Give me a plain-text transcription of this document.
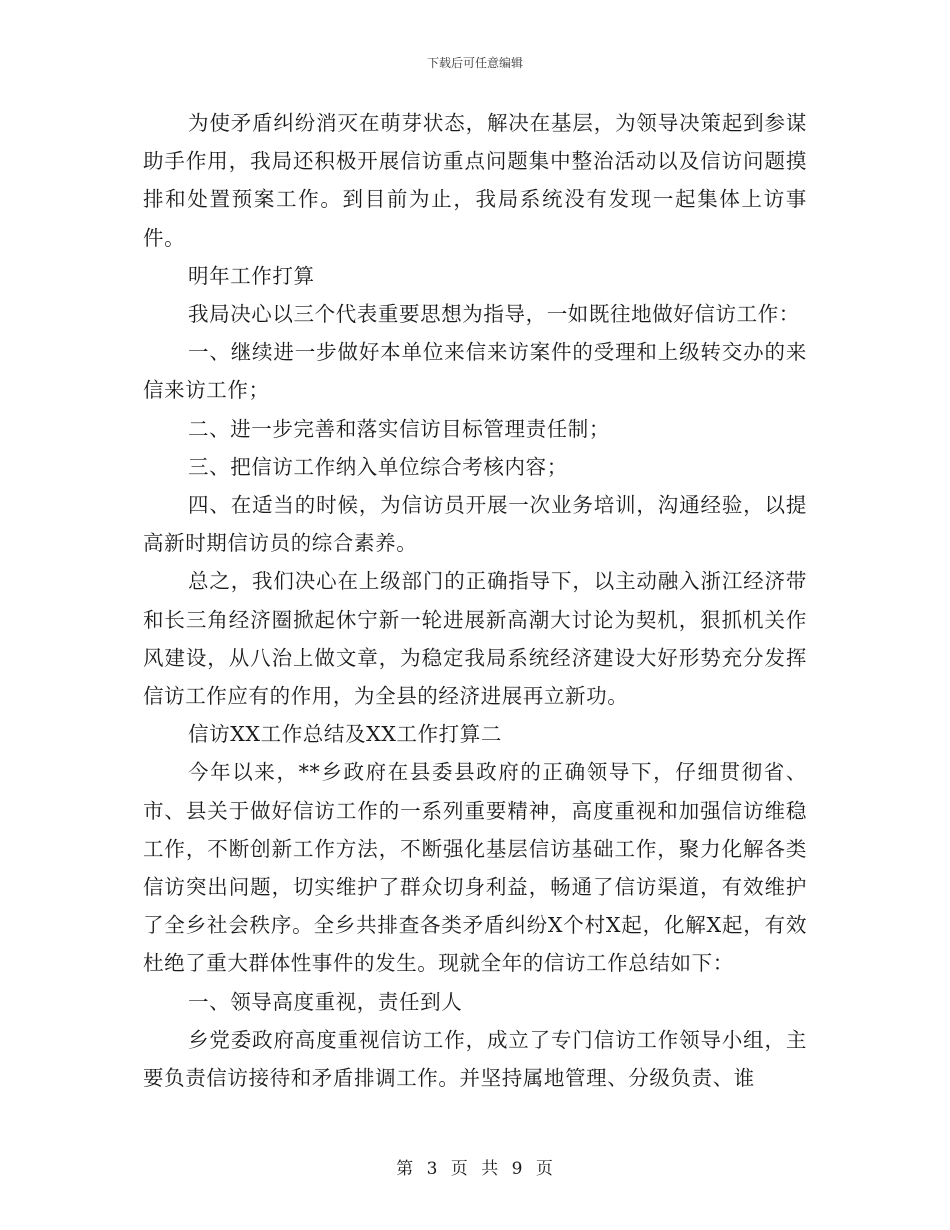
下载后可任意编辑

为使矛盾纠纷消灭在萌芽状态，解决在基层，为领导决策起到参谋助手作用，我局还积极开展信访重点问题集中整治活动以及信访问题摸排和处置预案工作。到目前为止，我局系统没有发现一起集体上访事件。

明年工作打算

我局决心以三个代表重要思想为指导，一如既往地做好信访工作：

一、继续进一步做好本单位来信来访案件的受理和上级转交办的来信来访工作；

二、进一步完善和落实信访目标管理责任制；

三、把信访工作纳入单位综合考核内容；

四、在适当的时候，为信访员开展一次业务培训，沟通经验，以提高新时期信访员的综合素养。

总之，我们决心在上级部门的正确指导下，以主动融入浙江经济带和长三角经济圈掀起休宁新一轮进展新高潮大讨论为契机，狠抓机关作风建设，从八治上做文章，为稳定我局系统经济建设大好形势充分发挥信访工作应有的作用，为全县的经济进展再立新功。

信访XX工作总结及XX工作打算二

今年以来，**乡政府在县委县政府的正确领导下，仔细贯彻省、市、县关于做好信访工作的一系列重要精神，高度重视和加强信访维稳工作，不断创新工作方法，不断强化基层信访基础工作，聚力化解各类信访突出问题，切实维护了群众切身利益，畅通了信访渠道，有效维护了全乡社会秩序。全乡共排查各类矛盾纠纷X个村X起，化解X起，有效杜绝了重大群体性事件的发生。现就全年的信访工作总结如下：

一、领导高度重视，责任到人

乡党委政府高度重视信访工作，成立了专门信访工作领导小组，主要负责信访接待和矛盾排调工作。并坚持属地管理、分级负责、谁

第 3 页 共 9 页
